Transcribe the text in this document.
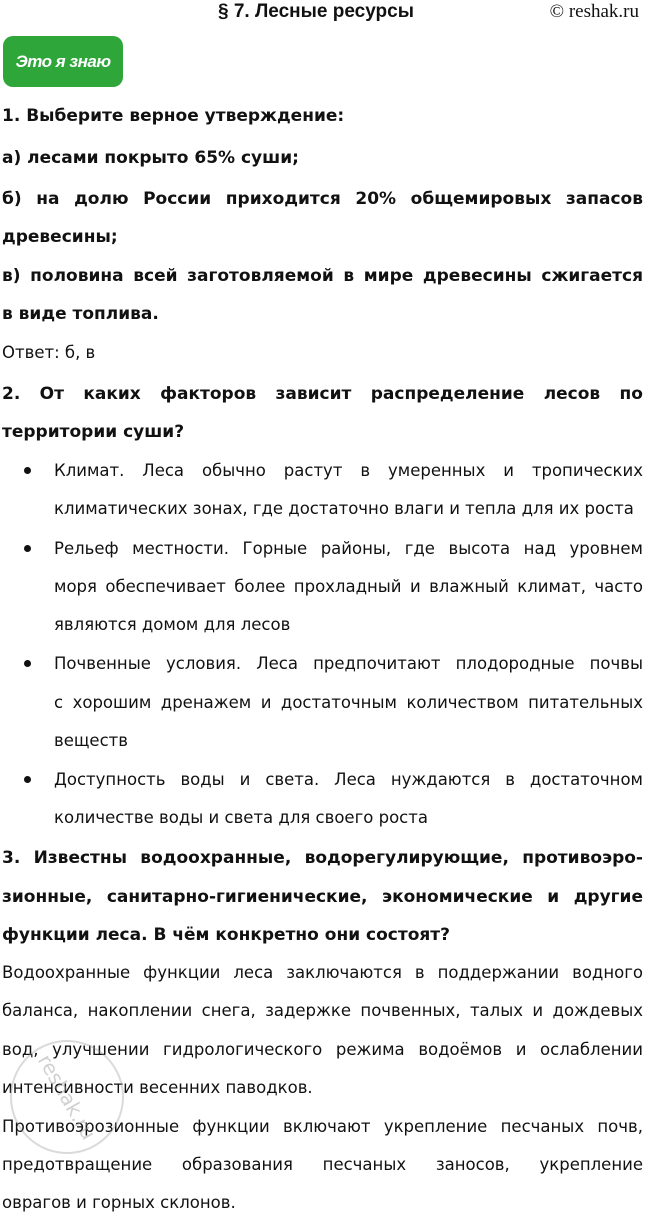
§ 7. Лесные ресурсы	© reshak.ru
Это я знаю
1. Выберите верное утверждение:
а) лесами покрыто 65% суши;
б) на долю России приходится 20% общемировых запасов
древесины;
в) половина всей заготовляемой в мире древесины сжигается
в виде топлива.
Ответ: б, в
2. От каких факторов зависит распределение лесов по
территории суши?
Климат. Леса обычно растут в умеренных и тропических
климатических зонах, где достаточно влаги и тепла для их роста
Рельеф местности. Горные районы, где высота над уровнем
моря обеспечивает более прохладный и влажный климат, часто
являются домом для лесов
Почвенные условия. Леса предпочитают плодородные почвы
с хорошим дренажем и достаточным количеством питательных
веществ
Доступность воды и света. Леса нуждаются в достаточном
количестве воды и света для своего роста
3. Известны водоохранные, водорегулирующие, противоэро-
зионные, санитарно-гигиенические, экономические и другие
функции леса. В чём конкретно они состоят?
Водоохранные функции леса заключаются в поддержании водного
баланса, накоплении снега, задержке почвенных, талых и дождевых
вод, улучшении гидрологического режима водоёмов и ослаблении
интенсивности весенних паводков.
Противоэрозионные функции включают укрепление песчаных почв,
предотвращение образования песчаных заносов, укрепление
оврагов и горных склонов.
reshak.ru
